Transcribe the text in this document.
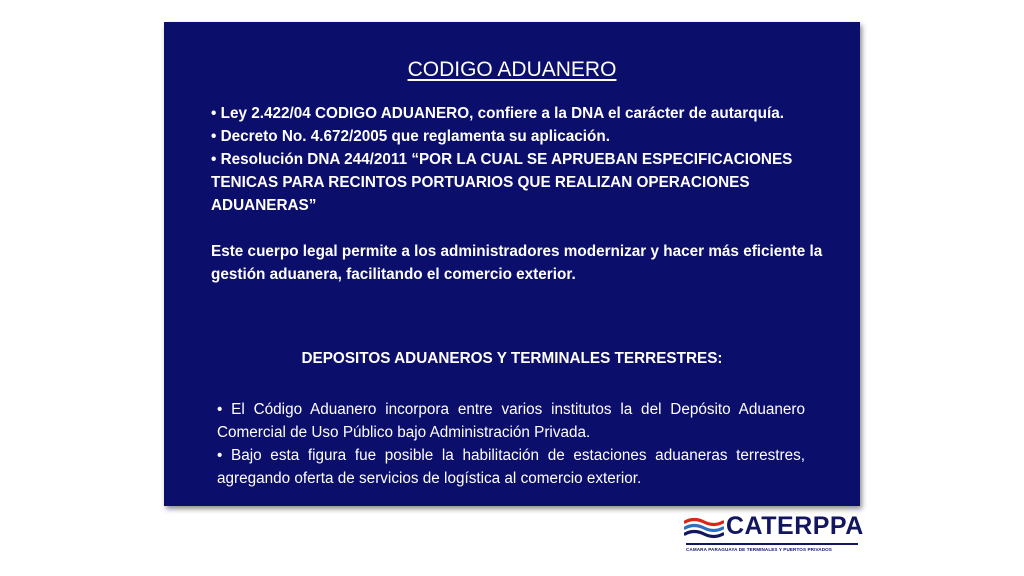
CODIGO ADUANERO

• Ley 2.422/04 CODIGO ADUANERO, confiere a la DNA el carácter de autarquía.

• Decreto No. 4.672/2005 que reglamenta su aplicación.

• Resolución DNA 244/2011 “POR LA CUAL SE APRUEBAN ESPECIFICACIONES TENICAS PARA RECINTOS PORTUARIOS QUE REALIZAN OPERACIONES ADUANERAS”

Este cuerpo legal permite a los administradores modernizar y hacer más eficiente la gestión aduanera, facilitando el comercio exterior.

DEPOSITOS ADUANEROS Y TERMINALES TERRESTRES:

• El Código Aduanero incorpora entre varios institutos la del Depósito Aduanero Comercial de Uso Público bajo Administración Privada.

• Bajo esta figura fue posible la habilitación de estaciones aduaneras terrestres, agregando oferta de servicios de logística al comercio exterior.

CATERPPA
CAMARA PARAGUAYA DE TERMINALES Y PUERTOS PRIVADOS
